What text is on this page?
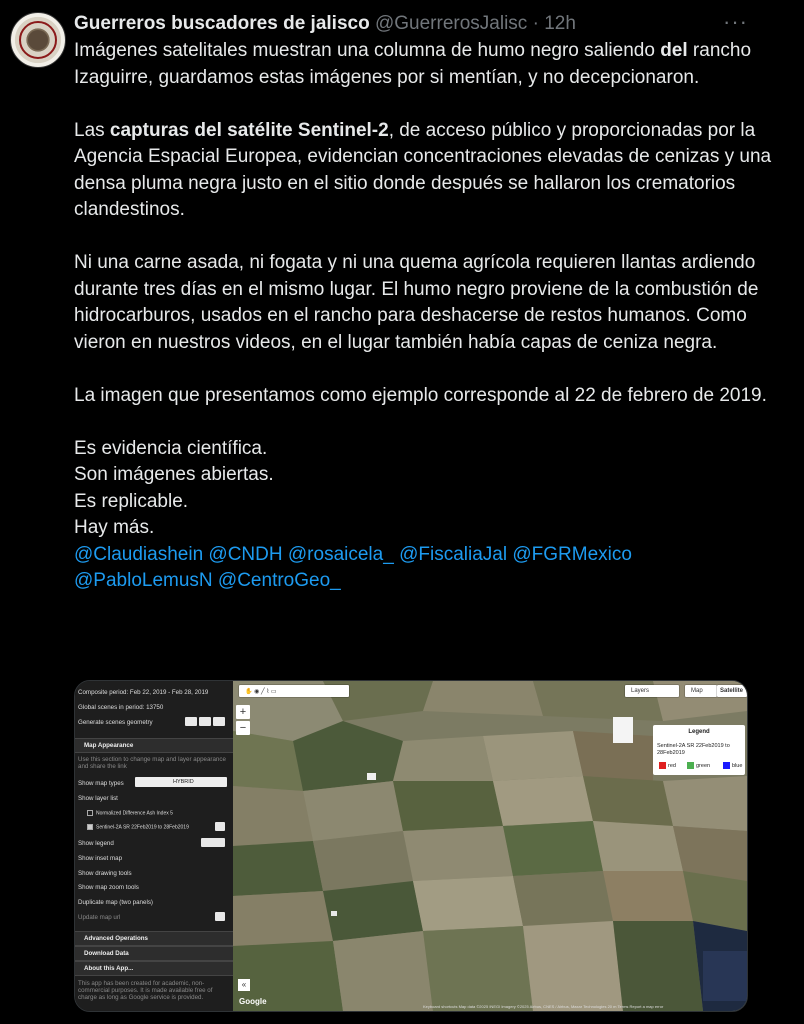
Guerreros buscadores de jalisco @GuerrerosJalisc · 12h	···

Imágenes satelitales muestran una columna de humo negro saliendo del rancho Izaguirre, guardamos estas imágenes por si mentían, y no decepcionaron.

Las capturas del satélite Sentinel-2, de acceso público y proporcionadas por la Agencia Espacial Europea, evidencian concentraciones elevadas de cenizas y una densa pluma negra justo en el sitio donde después se hallaron los crematorios clandestinos.

Ni una carne asada, ni fogata y ni una quema agrícola requieren llantas ardiendo durante tres días en el mismo lugar. El humo negro proviene de la combustión de hidrocarburos, usados en el rancho para deshacerse de restos humanos. Como vieron en nuestros videos, en el lugar también había capas de ceniza negra.

La imagen que presentamos como ejemplo corresponde al 22 de febrero de 2019.

Es evidencia científica.
Son imágenes abiertas.
Es replicable.
Hay más.
@Claudiashein @CNDH @rosaicela_ @FiscaliaJal @FGRMexico
@PabloLemusN @CentroGeo_

Composite period: Feb 22, 2019 - Feb 28, 2019
Global scenes in period: 13750
Generate scenes geometry
Map Appearance
Use this section to change map and layer appearance and share the link
Show map types	HYBRID
Show layer list
Normalized Difference Ash Index 5
Sentinel-2A SR 22Feb2019 to 28Feb2019
Show legend
Show inset map
Show drawing tools
Show map zoom tools
Duplicate map (two panels)
Update map url
Advanced Operations
Download Data
About this App...
This app has been created for academic, non-commercial purposes. It is made available free of charge as long as Google service is provided.
✋ ◉ ╱ ⌇ ▭	Layers	Map	Satellite
+
−	Legend
Sentinel-2A SR 22Feb2019 to 28Feb2019
red	green	blue
«
Google
Keyboard shortcuts Map data ©2025 INEGI Imagery ©2025 Airbus, CNES / Airbus, Maxar Technologies 20 m Terms Report a map error
